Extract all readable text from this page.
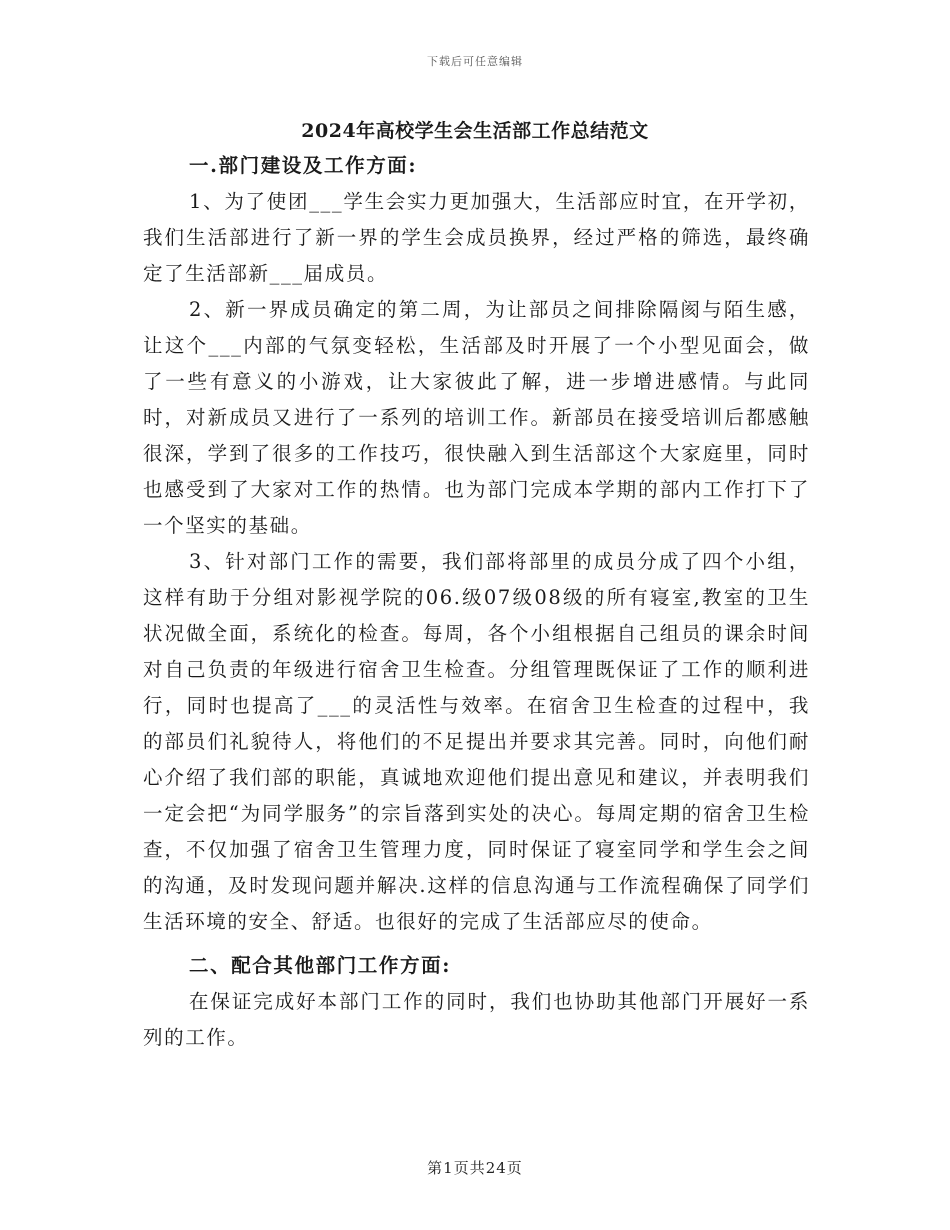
下载后可任意编辑
2024年高校学生会生活部工作总结范文

一.部门建设及工作方面:

1、为了使团___学生会实力更加强大，生活部应时宜，在开学初，我们生活部进行了新一界的学生会成员换界，经过严格的筛选，最终确定了生活部新___届成员。

2、新一界成员确定的第二周，为让部员之间排除隔阂与陌生感，让这个___内部的气氛变轻松，生活部及时开展了一个小型见面会，做了一些有意义的小游戏，让大家彼此了解，进一步增进感情。与此同时，对新成员又进行了一系列的培训工作。新部员在接受培训后都感触很深，学到了很多的工作技巧，很快融入到生活部这个大家庭里，同时也感受到了大家对工作的热情。也为部门完成本学期的部内工作打下了一个坚实的基础。

3、针对部门工作的需要，我们部将部里的成员分成了四个小组，这样有助于分组对影视学院的06.级07级08级的所有寝室,教室的卫生状况做全面，系统化的检查。每周，各个小组根据自己组员的课余时间对自己负责的年级进行宿舍卫生检查。分组管理既保证了工作的顺利进行，同时也提高了___的灵活性与效率。在宿舍卫生检查的过程中，我的部员们礼貌待人，将他们的不足提出并要求其完善。同时，向他们耐心介绍了我们部的职能，真诚地欢迎他们提出意见和建议，并表明我们一定会把“为同学服务”的宗旨落到实处的决心。每周定期的宿舍卫生检查，不仅加强了宿舍卫生管理力度，同时保证了寝室同学和学生会之间的沟通，及时发现问题并解决.这样的信息沟通与工作流程确保了同学们生活环境的安全、舒适。也很好的完成了生活部应尽的使命。

二、配合其他部门工作方面:

在保证完成好本部门工作的同时，我们也协助其他部门开展好一系列的工作。

第1页共24页
